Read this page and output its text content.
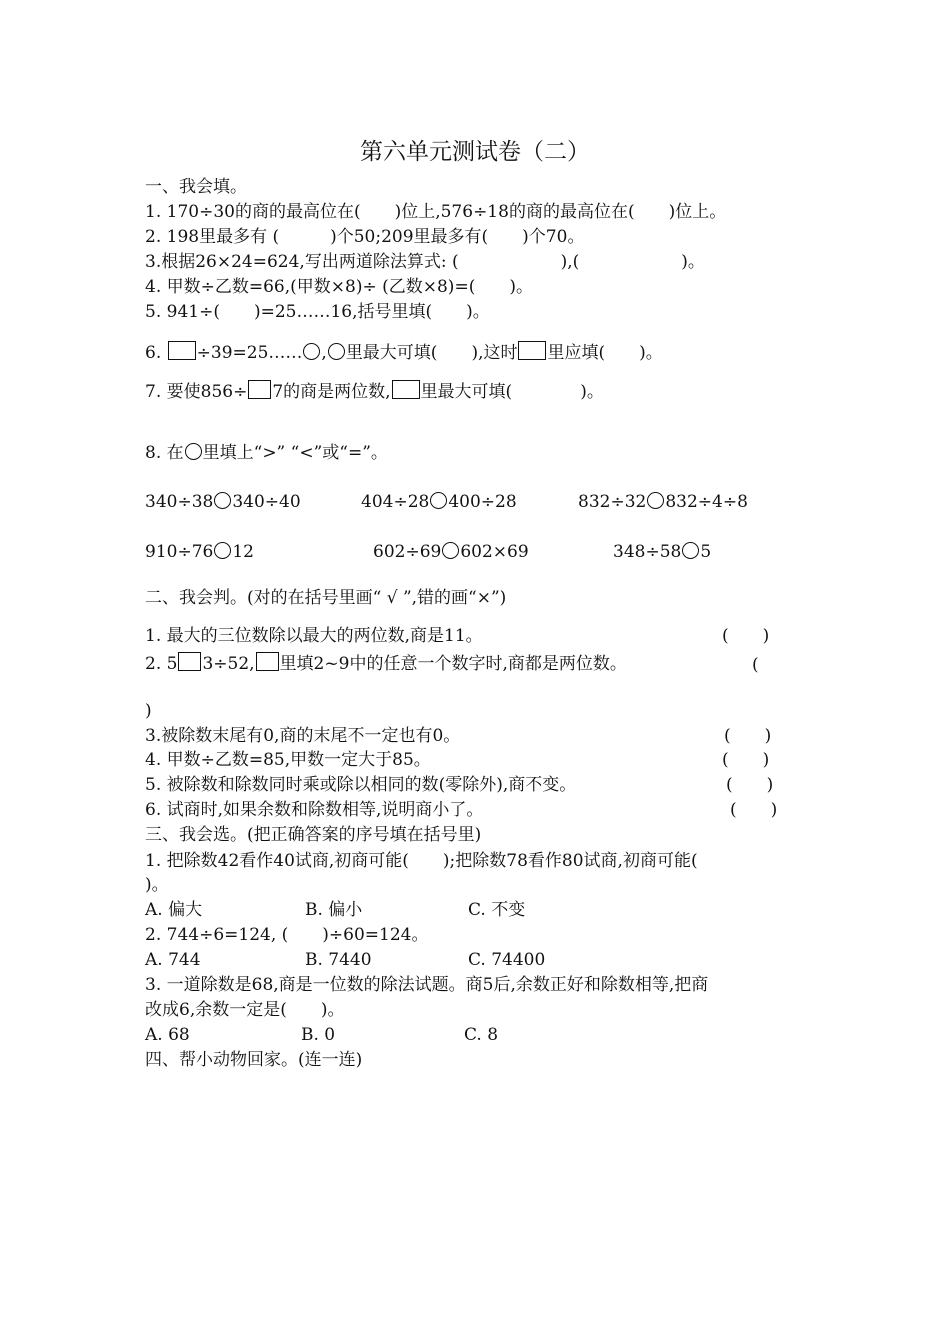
第六单元测试卷（二）
一、我会填。
1. 170÷30的商的最高位在(　　)位上,576÷18的商的最高位在(　　)位上。
2. 198里最多有 (　　　)个50;209里最多有(　　)个70。
3.根据26×24=624,写出两道除法算式: (　　　　　　),(　　　　　　)。
4. 甲数÷乙数=66,(甲数×8)÷ (乙数×8)=(　　)。
5. 941÷(　　)=25……16,括号里填(　　)。
6. ÷39=25…… , 里最大可填(　　),这时 里应填(　　)。
7. 要使856÷ 7的商是两位数, 里最大可填(　　　　)。
8. 在 里填上“>” “<”或“=”。
340÷38 340÷40	404÷28 400÷28	832÷32 832÷4÷8
910÷76 12	602÷69 602×69	348÷58 5
二、我会判。(对的在括号里画“ √ ”,错的画“×”)
1. 最大的三位数除以最大的两位数,商是11。	(　　)
2. 5 3÷52, 里填2~9中的任意一个数字时,商都是两位数。	(
)
3.被除数末尾有0,商的末尾不一定也有0。	(　　)
4. 甲数÷乙数=85,甲数一定大于85。	(　　)
5. 被除数和除数同时乘或除以相同的数(零除外),商不变。	(　　)
6. 试商时,如果余数和除数相等,说明商小了。	(　　)
三、我会选。(把正确答案的序号填在括号里)
1. 把除数42看作40试商,初商可能(　　);把除数78看作80试商,初商可能(
)。
A. 偏大	B. 偏小	C. 不变
2. 744÷6=124, (　　)÷60=124。
A. 744	B. 7440	C. 74400
3. 一道除数是68,商是一位数的除法试题。商5后,余数正好和除数相等,把商
改成6,余数一定是(　　)。
A. 68	B. 0	C. 8
四、帮小动物回家。(连一连)
